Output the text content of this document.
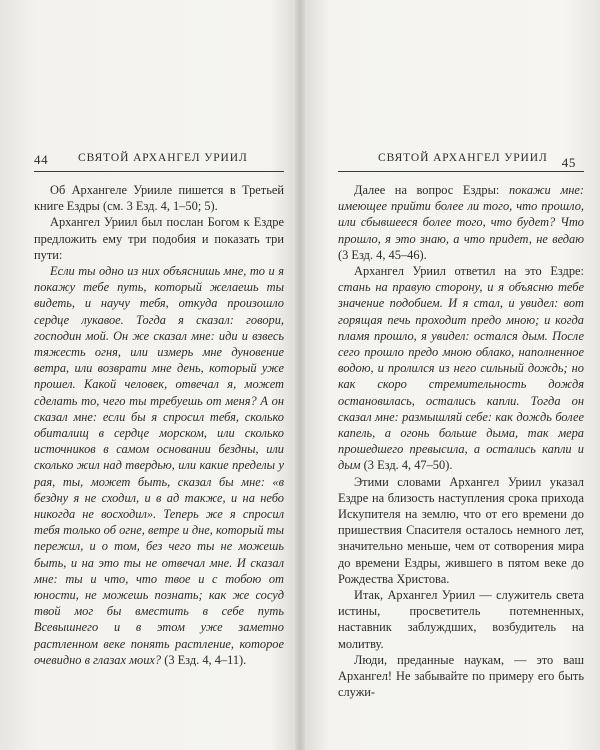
44	СВЯТОЙ АРХАНГЕЛ УРИИЛ

Об Архангеле Урииле пишется в Третьей книге Ездры (см. 3 Езд. 4, 1–50; 5).

Архангел Уриил был послан Богом к Ездре предложить ему три подобия и показать три пути:

Если ты одно из них объяснишь мне, то и я покажу тебе путь, который желаешь ты видеть, и научу тебя, откуда произошло сердце лукавое. Тогда я сказал: говори, господин мой. Он же сказал мне: иди и взвесь тяжесть огня, или измерь мне дуновение ветра, или возврати мне день, который уже прошел. Какой человек, отвечал я, может сделать то, чего ты требуешь от меня? А он сказал мне: если бы я спросил тебя, сколько обиталищ в сердце морском, или сколько источников в самом основании бездны, или сколько жил над твердью, или какие пределы у рая, ты, может быть, сказал бы мне: «в бездну я не сходил, и в ад также, и на небо никогда не восходил». Теперь же я спросил тебя только об огне, ветре и дне, который ты пережил, и о том, без чего ты не можешь быть, и на это ты не отвечал мне. И сказал мне: ты и что, что твое и с тобою от юности, не можешь познать; как же сосуд твой мог бы вместить в себе путь Всевышнего и в этом уже заметно растленном веке понять растление, которое очевидно в глазах моих? (3 Езд. 4, 4–11).

СВЯТОЙ АРХАНГЕЛ УРИИЛ 45

Далее на вопрос Ездры: покажи мне: имеющее прийти более ли того, что прошло, или сбывшееся более того, что будет? Что прошло, я это знаю, а что придет, не ведаю (3 Езд. 4, 45–46).

Архангел Уриил ответил на это Ездре: стань на правую сторону, и я объясню тебе значение подобием. И я стал, и увидел: вот горящая печь проходит предо мною; и когда пламя прошло, я увидел: остался дым. После сего прошло предо мною облако, наполненное водою, и пролился из него сильный дождь; но как скоро стремительность дождя остановилась, остались капли. Тогда он сказал мне: размышляй себе: как дождь более капель, а огонь больше дыма, так мера прошедшего превысила, а остались капли и дым (3 Езд. 4, 47–50).

Этими словами Архангел Уриил указал Ездре на близость наступления срока прихода Искупителя на землю, что от его времени до пришествия Спасителя осталось немного лет, значительно меньше, чем от сотворения мира до времени Ездры, жившего в пятом веке до Рождества Христова.

Итак, Архангел Уриил — служитель света истины, просветитель потемненных, наставник заблуждших, возбудитель на молитву.

Люди, преданные наукам, — это ваш Архангел! Не забывайте по примеру его быть служи-
